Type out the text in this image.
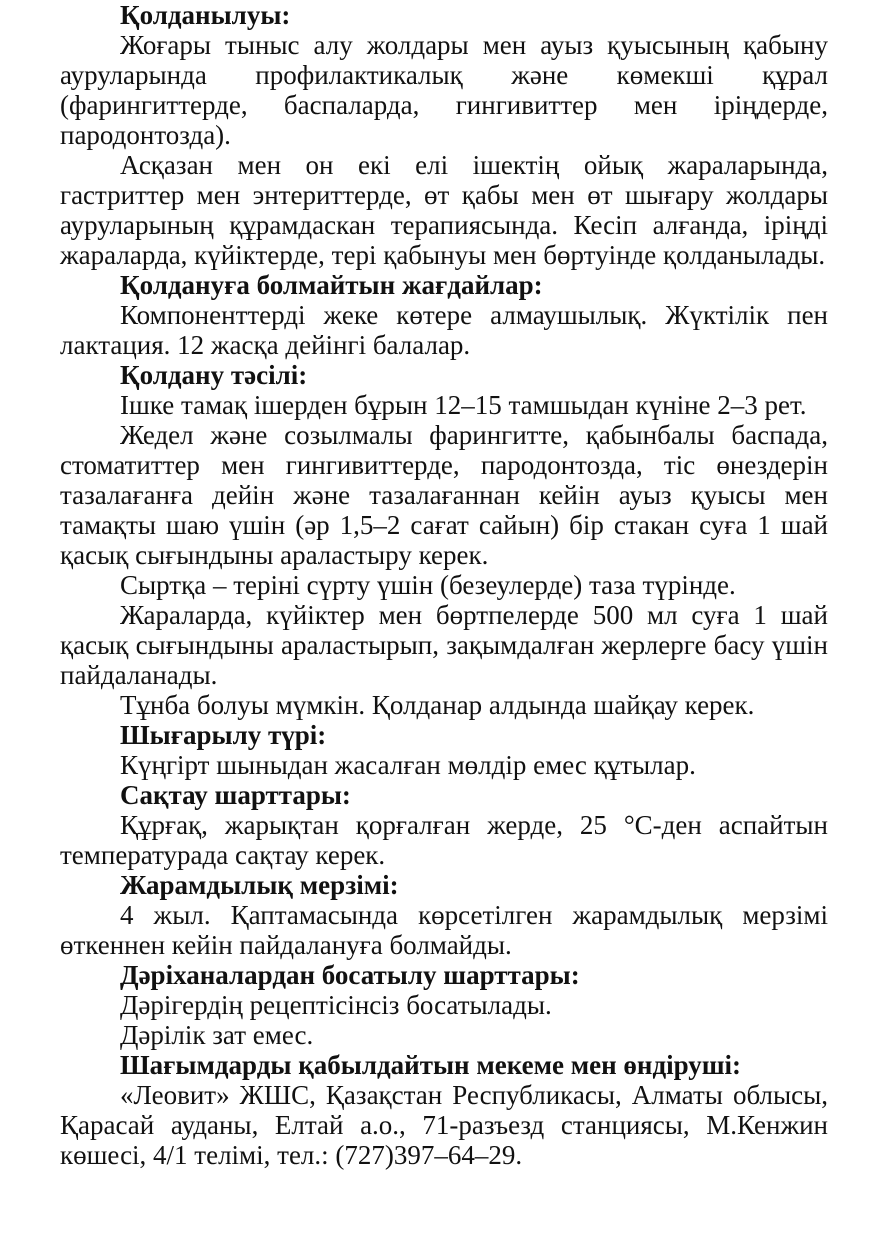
Қолданылуы:

Жоғары тыныс алу жолдары мен ауыз қуысының қабыну ауруларында профилактикалық және көмекші құрал (фарингиттерде, баспаларда, гингивиттер мен іріңдерде, пародонтозда).

Асқазан мен он екі елі ішектің ойық жараларында, гастриттер мен энтериттерде, өт қабы мен өт шығару жолдары ауруларының құрамдаскан терапиясында. Кесіп алғанда, іріңді жараларда, күйіктерде, тері қабынуы мен бөртуінде қолданылады.

Қолдануға болмайтын жағдайлар:

Компоненттерді жеке көтере алмаушылық. Жүктілік пен лактация. 12 жасқа дейінгі балалар.

Қолдану тәсілі:

Ішке тамақ ішерден бұрын 12–15 тамшыдан күніне 2–3 рет.

Жедел және созылмалы фарингитте, қабынбалы баспада, стоматиттер мен гингивиттерде, пародонтозда, тіс өнездерін тазалағанға дейін және тазалағаннан кейін ауыз қуысы мен тамақты шаю үшін (әр 1,5–2 сағат сайын) бір стакан суға 1 шай қасық сығындыны араластыру керек.

Сыртқа – теріні сүрту үшін (безеулерде) таза түрінде.

Жараларда, күйіктер мен бөртпелерде 500 мл суға 1 шай қасық сығындыны араластырып, зақымдалған жерлерге басу үшін пайдаланады.

Тұнба болуы мүмкін. Қолданар алдында шайқау керек.

Шығарылу түрі:

Күңгірт шыныдан жасалған мөлдір емес құтылар.

Сақтау шарттары:

Құрғақ, жарықтан қорғалған жерде, 25 °С-ден аспайтын температурада сақтау керек.

Жарамдылық мерзімі:

4 жыл. Қаптамасында көрсетілген жарамдылық мерзімі өткеннен кейін пайдалануға болмайды.

Дәріханалардан босатылу шарттары:

Дәрігердің рецептісінсіз босатылады.

Дәрілік зат емес.

Шағымдарды қабылдайтын мекеме мен өндіруші:

«Леовит» ЖШС, Қазақстан Республикасы, Алматы облысы, Қарасай ауданы, Елтай а.о., 71-разъезд станциясы, М.Кенжин көшесі, 4/1 телімі, тел.: (727)397–64–29.
